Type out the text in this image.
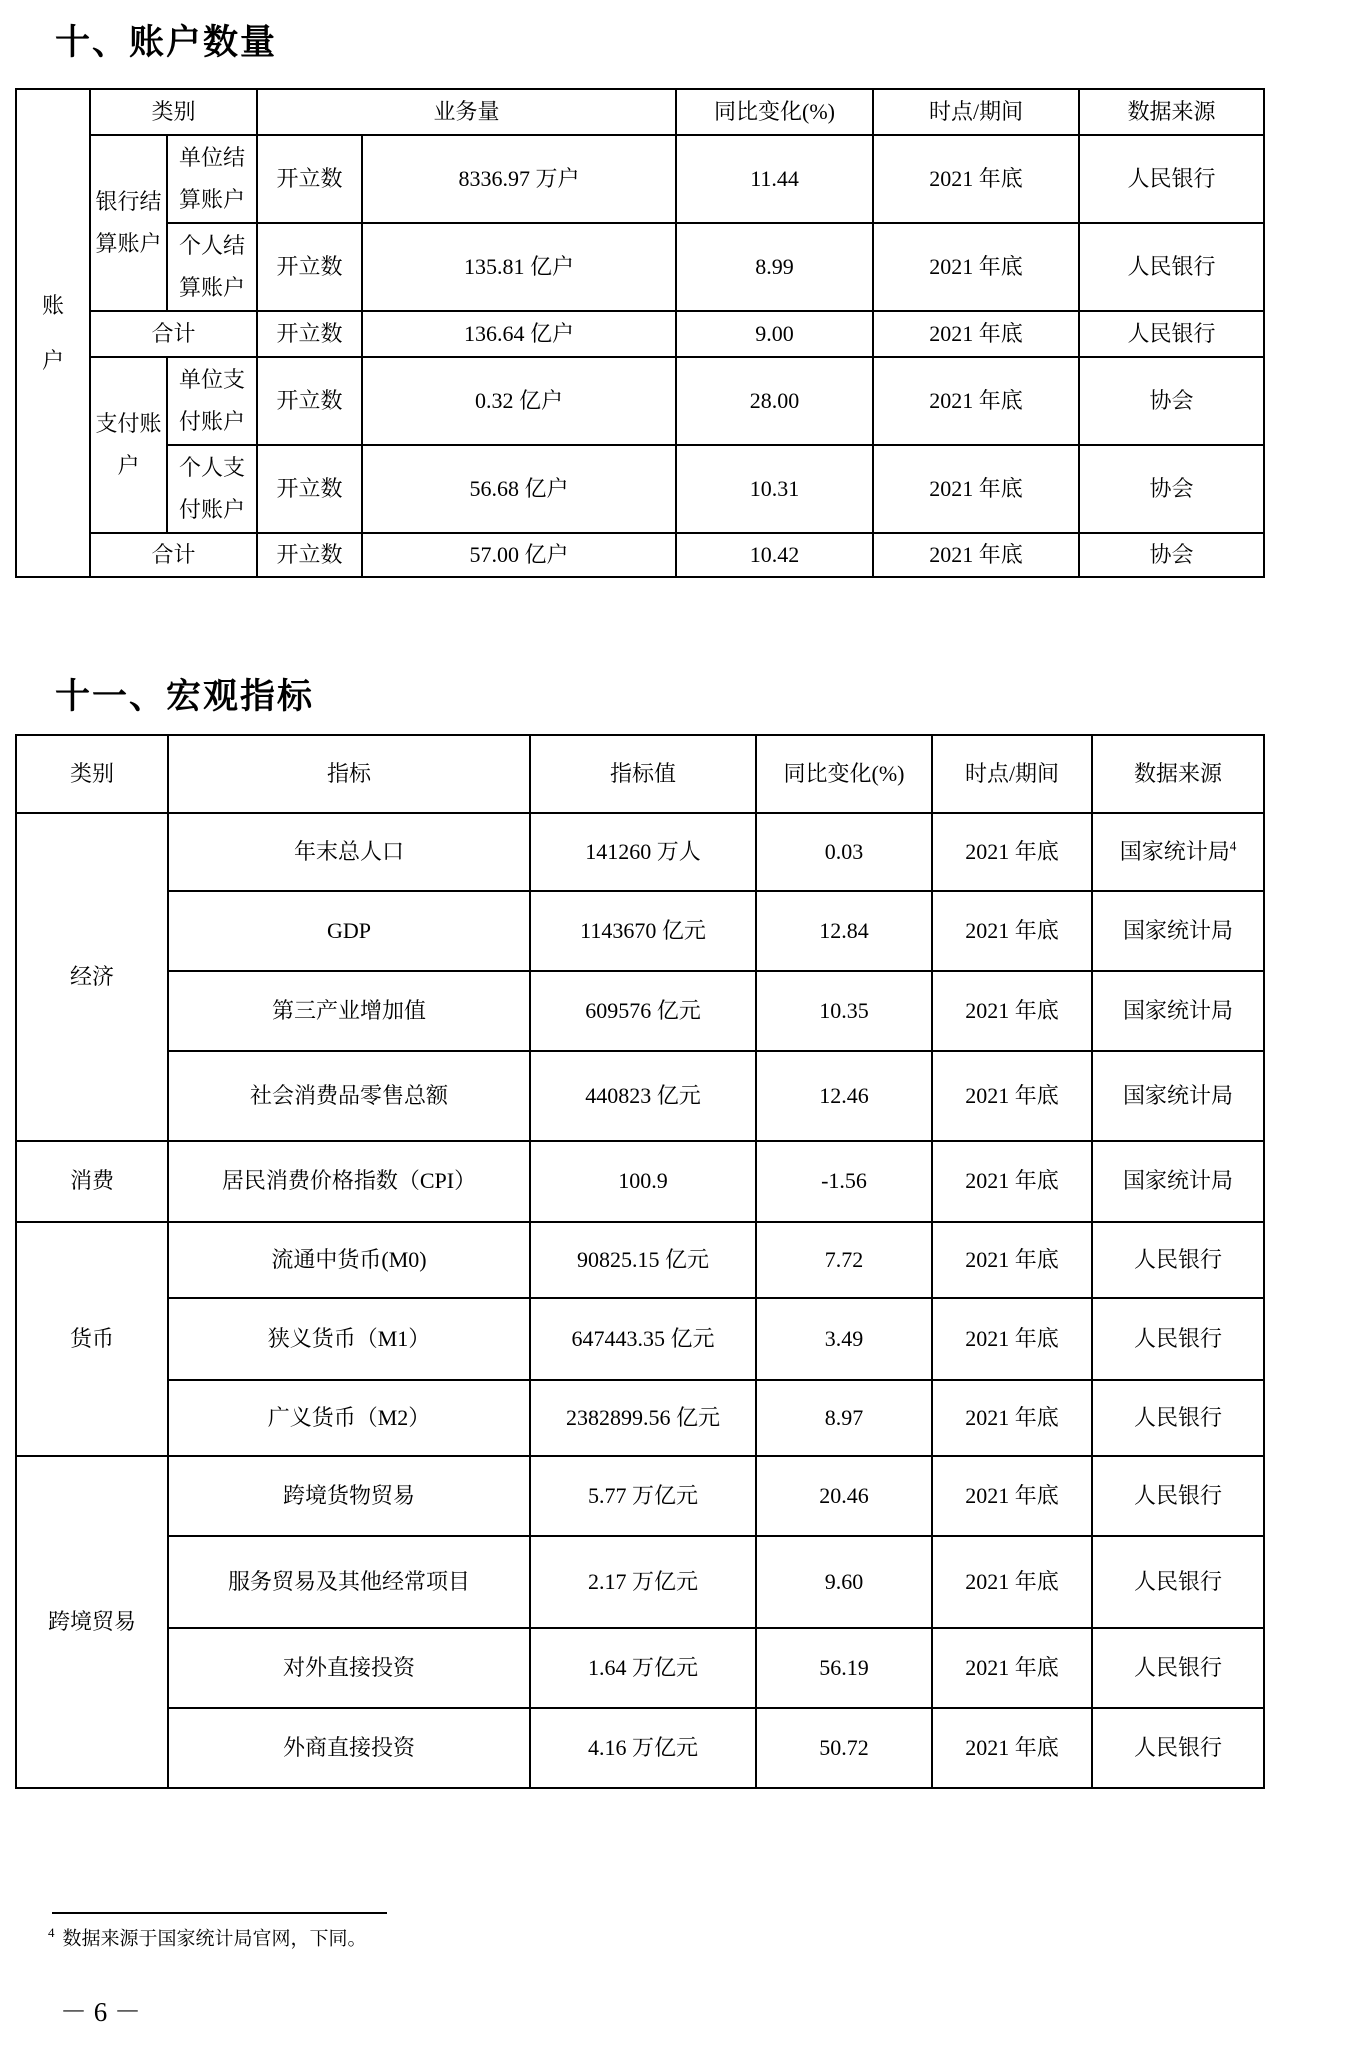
十、账户数量
账户	类别		业务量		同比变化(%)	时点/期间	数据来源
	银行结算账户	单位结算账户	开立数	8336.97 万户	11.44	2021 年底	人民银行
		个人结算账户	开立数	135.81 亿户	8.99	2021 年底	人民银行
	合计		开立数	136.64 亿户	9.00	2021 年底	人民银行
	支付账户	单位支付账户	开立数	0.32 亿户	28.00	2021 年底	协会
		个人支付账户	开立数	56.68 亿户	10.31	2021 年底	协会
	合计		开立数	57.00 亿户	10.42	2021 年底	协会
十一、宏观指标
类别	指标	指标值	同比变化(%)	时点/期间	数据来源
经济	年末总人口	141260 万人	0.03	2021 年底	国家统计局$^4$
	GDP	1143670 亿元	12.84	2021 年底	国家统计局
	第三产业增加值	609576 亿元	10.35	2021 年底	国家统计局
	社会消费品零售总额	440823 亿元	12.46	2021 年底	国家统计局
消费	居民消费价格指数（CPI）	100.9	-1.56	2021 年底	国家统计局
货币	流通中货币(M0)	90825.15 亿元	7.72	2021 年底	人民银行
	狭义货币（M1）	647443.35 亿元	3.49	2021 年底	人民银行
	广义货币（M2）	2382899.56 亿元	8.97	2021 年底	人民银行
跨境贸易	跨境货物贸易	5.77 万亿元	20.46	2021 年底	人民银行
	服务贸易及其他经常项目	2.17 万亿元	9.60	2021 年底	人民银行
	对外直接投资	1.64 万亿元	56.19	2021 年底	人民银行
	外商直接投资	4.16 万亿元	50.72	2021 年底	人民银行
$^4$ 数据来源于国家统计局官网，下同。
－ 6 －
